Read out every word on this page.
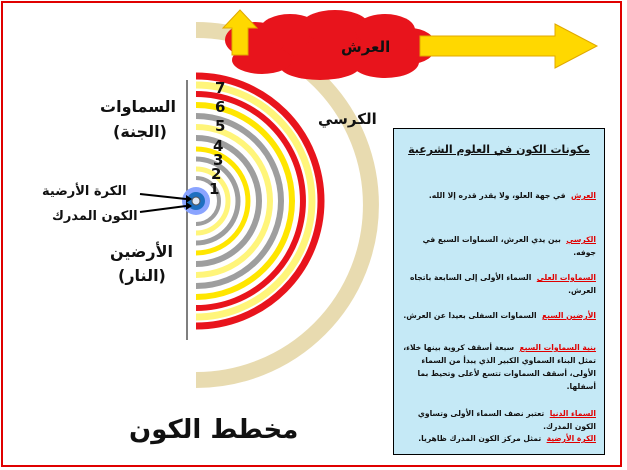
العرش
الكرسي
السماوات
(الجنة)
الكرة الأرضية
الكون المدرك
الأرضين
(النار)
مخطط الكون
7
6
5
4
3
2
1
مكونات الكون في العلوم الشرعية
العرش في جهة العلو، ولا يقدر قدره إلا الله.
الكرسي بين يدي العرش، السماوات السبع في جوفه.
السماوات العلى السماء الأولى إلى السابعة باتجاه العرش.
الأرضين السبع السماوات السفلى بعيدا عن العرش.
بنية السماوات السبع سبعة أسقف كروية بينها خلاء، تمثل البناء السماوي الكبير الذي يبدأ من السماء الأولى، أسقف السماوات تتسع لأعلى وتحيط بما أسفلها.
السماء الدنيا تعتبر نصف السماء الأولى وتساوي الكون المدرك.
الكرة الأرضية تمثل مركز الكون المدرك ظاهريا.
